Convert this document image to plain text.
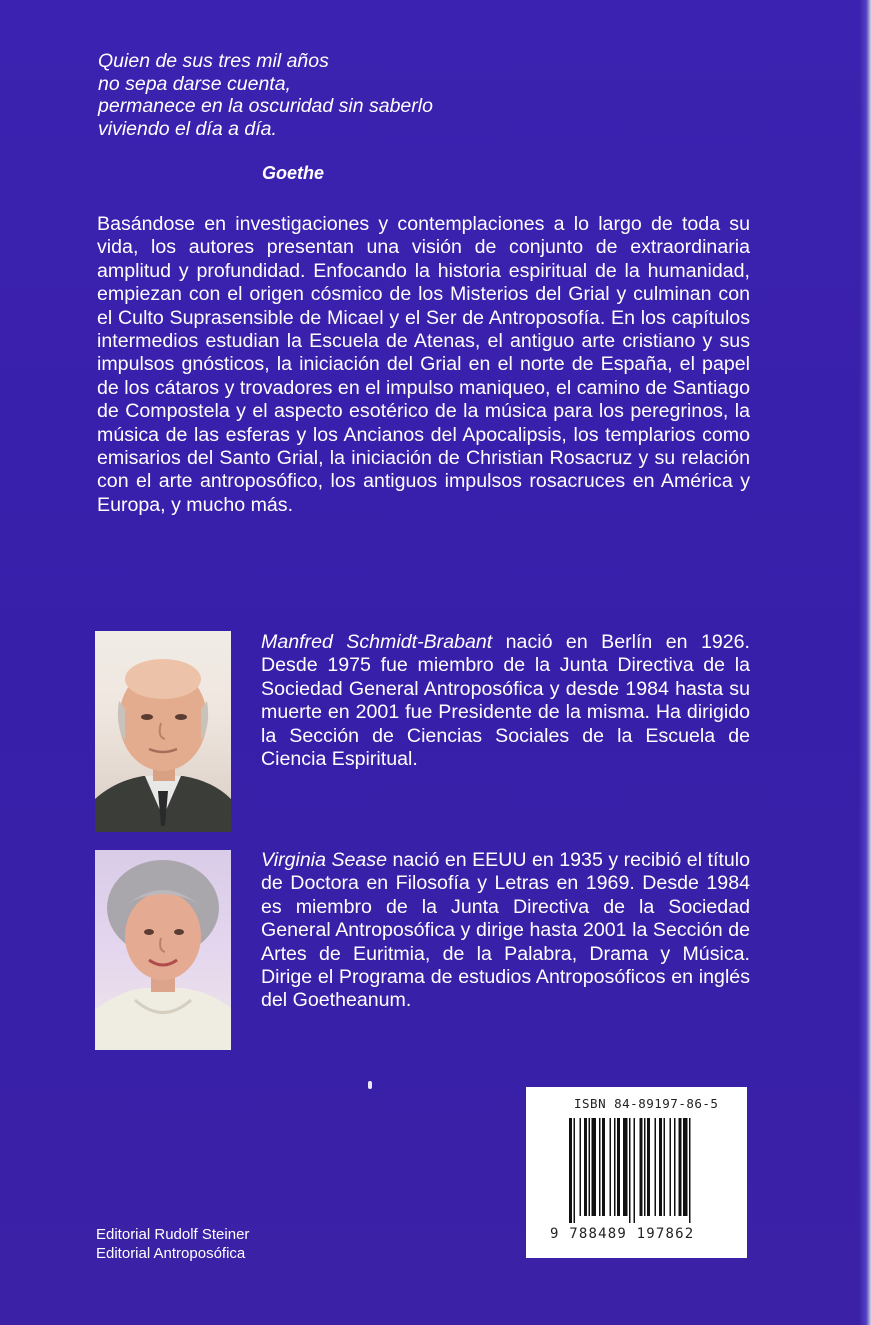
Quien de sus tres mil años
no sepa darse cuenta,
permanece en la oscuridad sin saberlo
viviendo el día a día.
Goethe
Basándose en investigaciones y contemplaciones a lo largo de toda su vida, los autores presentan una visión de conjunto de extraordinaria amplitud y profundidad. Enfocando la historia espiritual de la humanidad, empiezan con el origen cósmico de los Misterios del Grial y culminan con el Culto Suprasensible de Micael y el Ser de Antroposofía. En los capítulos intermedios estudian la Escuela de Atenas, el antiguo arte cristiano y sus impulsos gnósticos, la iniciación del Grial en el norte de España, el papel de los cátaros y trovadores en el impulso maniqueo, el camino de Santiago de Compostela y el aspecto esotérico de la música para los peregrinos, la música de las esferas y los Ancianos del Apocalipsis, los templarios como emisarios del Santo Grial, la iniciación de Christian Rosacruz y su relación con el arte antroposófico, los antiguos impulsos rosacruces en América y Europa, y mucho más.
Manfred Schmidt-Brabant nació en Berlín en 1926. Desde 1975 fue miembro de la Junta Directiva de la Sociedad General Antroposófica y desde 1984 hasta su muerte en 2001 fue Presidente de la misma. Ha dirigido la Sección de Ciencias Sociales de la Escuela de Ciencia Espiritual.
Virginia Sease nació en EEUU en 1935 y recibió el título de Doctora en Filosofía y Letras en 1969. Desde 1984 es miembro de la Junta Directiva de la Sociedad General Antroposófica y dirige hasta 2001 la Sección de Artes de Euritmia, de la Palabra, Drama y Música. Dirige el Programa de estudios Antroposóficos en inglés del Goetheanum.
ISBN 84-89197-86-5
9 788489 197862
Editorial Rudolf Steiner
Editorial Antroposófica
